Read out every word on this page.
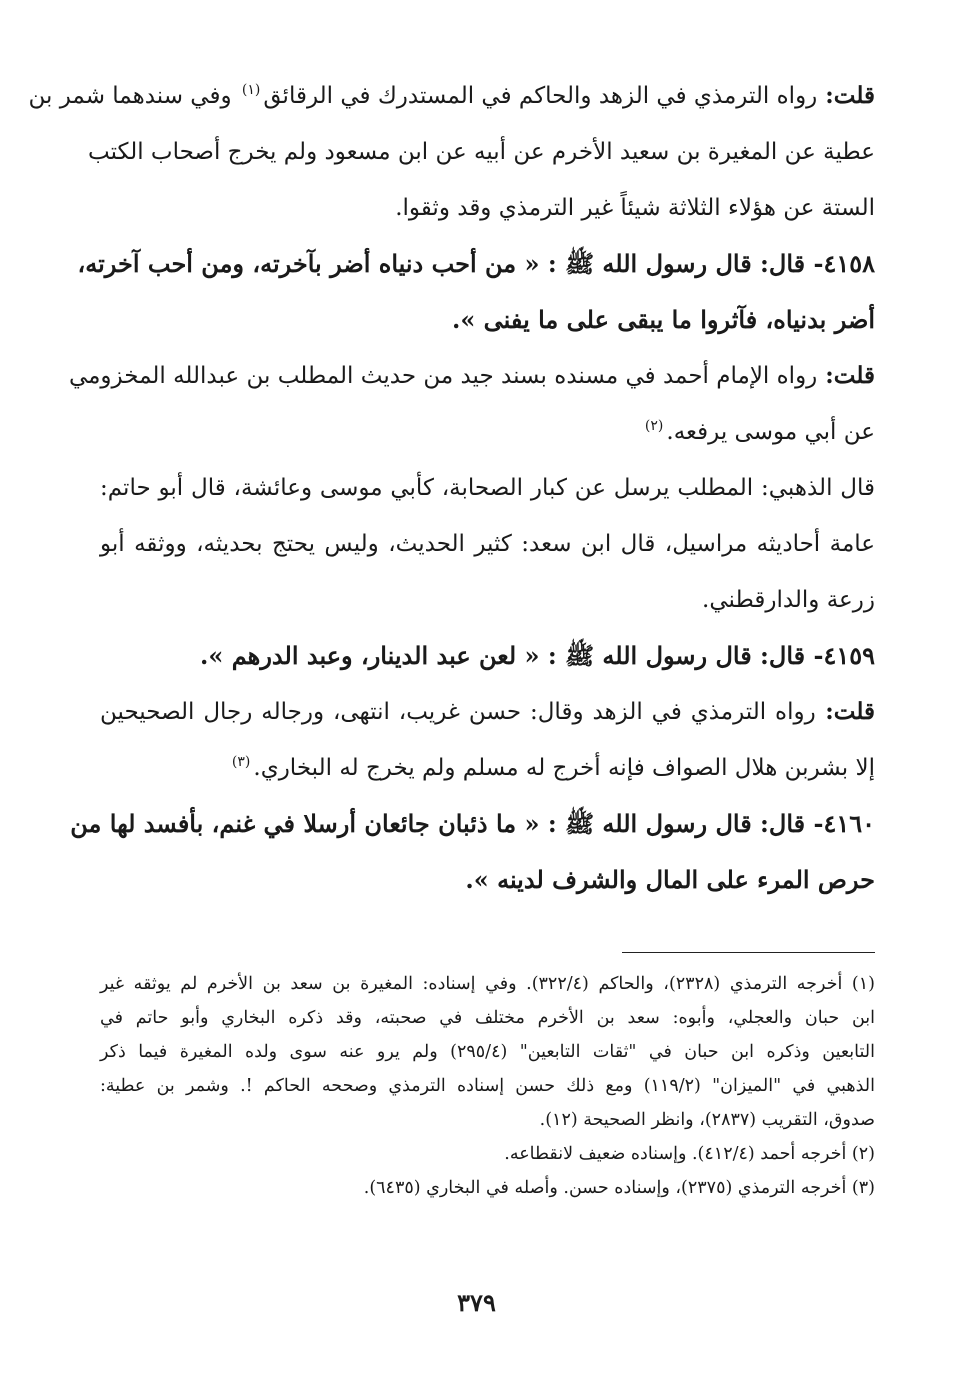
قلت: رواه الترمذي في الزهد والحاكم في المستدرك في الرقائق$^{(١)}$ وفي سندهما شمر بن
عطية عن المغيرة بن سعيد الأخرم عن أبيه عن ابن مسعود ولم يخرج أصحاب الكتب
الستة عن هؤلاء الثلاثة شيئاً غير الترمذي وقد وثقوا.
٤١٥٨- قال: قال رسول الله ﷺ : « من أحب دنياه أضر بآخرته، ومن أحب آخرته،
أضر بدنياه، فآثروا ما يبقى على ما يفنى ».
قلت: رواه الإمام أحمد في مسنده بسند جيد من حديث المطلب بن عبدالله المخزومي
عن أبي موسى يرفعه.$^{(٢)}$
قال الذهبي: المطلب يرسل عن كبار الصحابة، كأبي موسى وعائشة، قال أبو حاتم:
عامة أحاديثه مراسيل، قال ابن سعد: كثير الحديث، وليس يحتج بحديثه، ووثقه أبو
زرعة والدارقطني.
٤١٥٩- قال: قال رسول الله ﷺ : « لعن عبد الدينار، وعبد الدرهم ».
قلت: رواه الترمذي في الزهد وقال: حسن غريب، انتهى، ورجاله رجال الصحيحين
إلا بشربن هلال الصواف فإنه أخرج له مسلم ولم يخرج له البخاري.$^{(٣)}$
٤١٦٠- قال: قال رسول الله ﷺ : « ما ذئبان جائعان أرسلا في غنم، بأفسد لها من
حرص المرء على المال والشرف لدينه ».
(١) أخرجه الترمذي (٢٣٢٨)، والحاكم (٣٢٢/٤). وفي إسناده: المغيرة بن سعد بن الأخرم لم يوثقه غير
ابن حبان والعجلي، وأبوه: سعد بن الأخرم مختلف في صحبته، وقد ذكره البخاري وأبو حاتم في
التابعين وذكره ابن حبان في "ثقات التابعين" (٢٩٥/٤) ولم يرو عنه سوى ولده المغيرة فيما ذكر
الذهبي في "الميزان" (١١٩/٢) ومع ذلك حسن إسناده الترمذي وصححه الحاكم !. وشمر بن عطية:
صدوق، التقريب (٢٨٣٧)، وانظر الصحيحة (١٢).
(٢) أخرجه أحمد (٤١٢/٤). وإسناده ضعيف لانقطاعه.
(٣) أخرجه الترمذي (٢٣٧٥)، وإسناده حسن. وأصله في البخاري (٦٤٣٥).
٣٧٩
